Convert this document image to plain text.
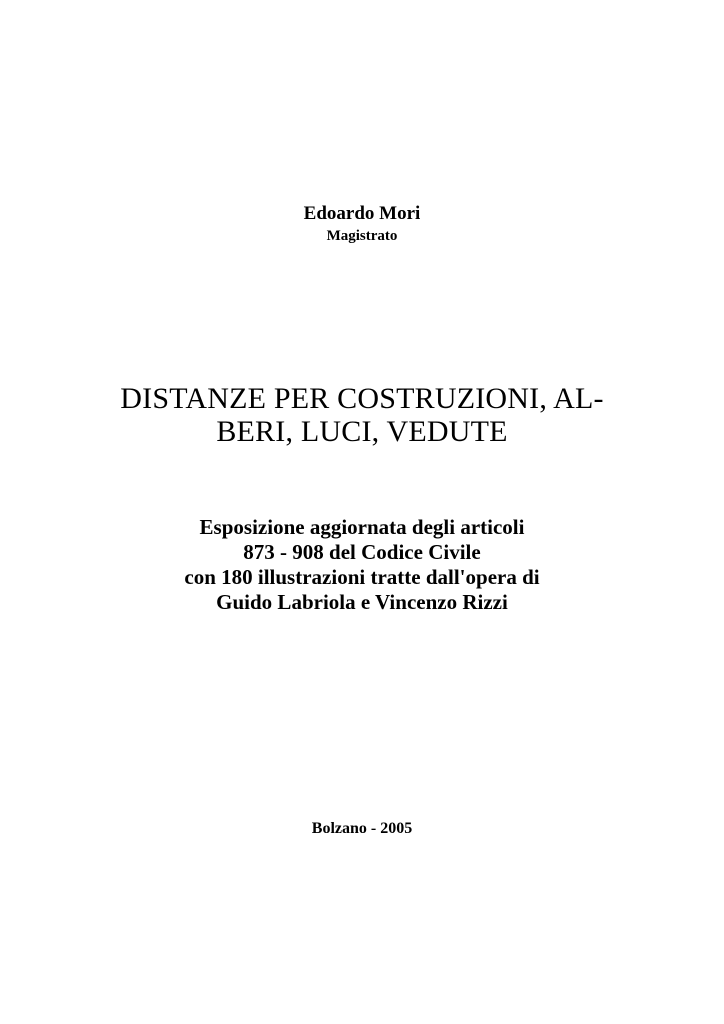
Edoardo Mori

Magistrato

DISTANZE PER COSTRUZIONI, AL-
BERI, LUCI, VEDUTE
Esposizione aggiornata degli articoli
873 - 908 del Codice Civile
con 180 illustrazioni tratte dall'opera di
Guido Labriola e Vincenzo Rizzi

Bolzano - 2005
